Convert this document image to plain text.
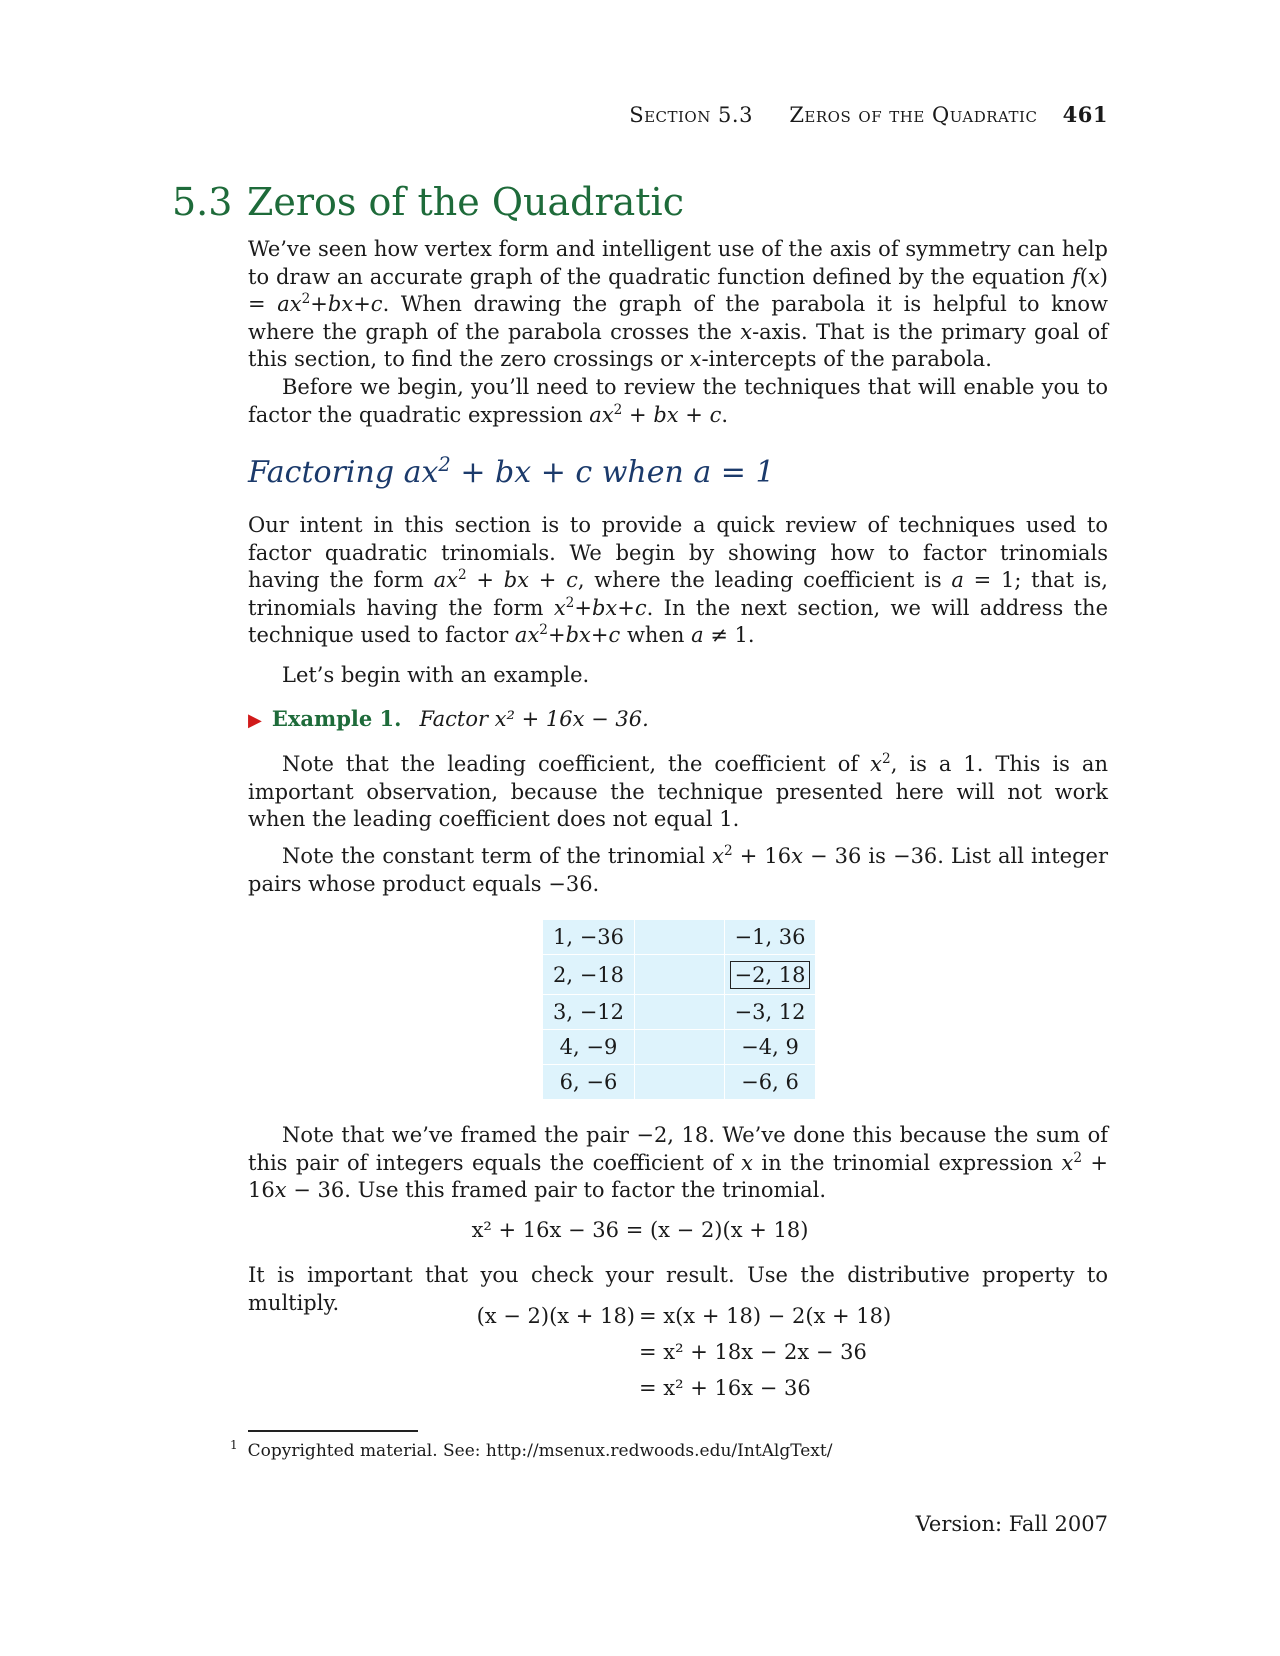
Section 5.3 Zeros of the Quadratic 461
5.3 Zeros of the Quadratic
We’ve seen how vertex form and intelligent use of the axis of symmetry can help to draw an accurate graph of the quadratic function defined by the equation $f(x) = ax^2+bx+c$. When drawing the graph of the parabola it is helpful to know where the graph of the parabola crosses the x-axis. That is the primary goal of this section, to find the zero crossings or x-intercepts of the parabola.
Before we begin, you’ll need to review the techniques that will enable you to factor the quadratic expression $ax^2$ + bx + c.
Factoring $ax^2$ + bx + c when a = 1
Our intent in this section is to provide a quick review of techniques used to factor quadratic trinomials. We begin by showing how to factor trinomials having the form $ax^2$ + bx + c, where the leading coefficient is a = 1; that is, trinomials having the form $x^2+bx+c$. In the next section, we will address the technique used to factor $ax^2+bx+c$ when a ≠ 1.
Let’s begin with an example.
▶ Example 1. Factor x² + 16x − 36.
Note that the leading coefficient, the coefficient of $x^2$, is a 1. This is an important observation, because the technique presented here will not work when the leading coefficient does not equal 1.
Note the constant term of the trinomial $x^2 + 16x - 36$ is −36. List all integer pairs whose product equals −36.
1, −36		−1, 36
2, −18		−2, 18
3, −12		−3, 12
4, −9		−4, 9
6, −6		−6, 6
Note that we’ve framed the pair −2, 18. We’ve done this because the sum of this pair of integers equals the coefficient of x in the trinomial expression $x^2 + 16x - 36$. Use this framed pair to factor the trinomial.
x² + 16x − 36 = (x − 2)(x + 18)
It is important that you check your result. Use the distributive property to multiply.
(x − 2)(x + 18) = x(x + 18) − 2(x + 18)
= x² + 18x − 2x − 36
= x² + 16x − 36
$^1$ Copyrighted material. See: http://msenux.redwoods.edu/IntAlgText/
Version: Fall 2007
